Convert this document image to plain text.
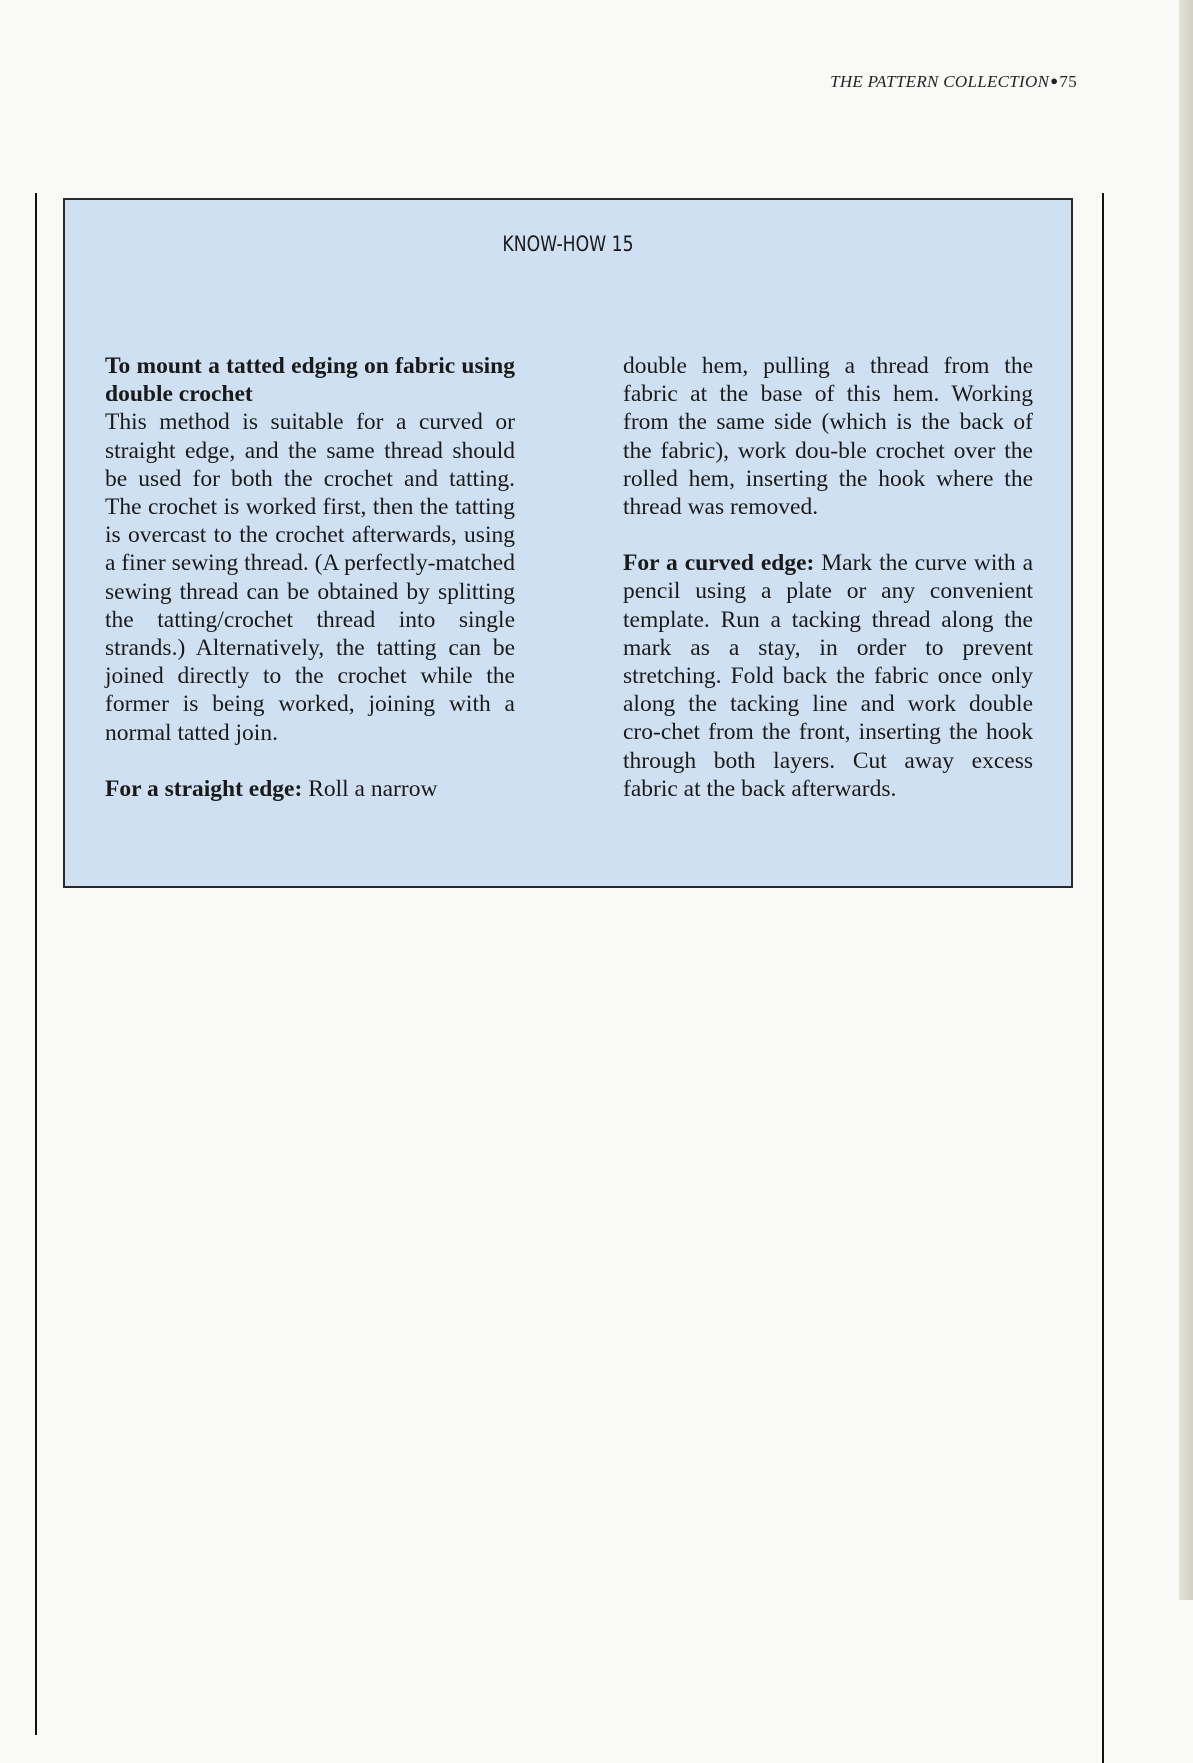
THE PATTERN COLLECTION●75
KNOW-HOW 15

To mount a tatted edging on fabric using double crochet

This method is suitable for a curved or straight edge, and the same thread should be used for both the crochet and tatting. The crochet is worked first, then the tatting is overcast to the crochet afterwards, using a finer sewing thread. (A perfectly-matched sewing thread can be obtained by splitting the tatting/crochet thread into single strands.) Alternatively, the tatting can be joined directly to the crochet while the former is being worked, joining with a normal tatted join.

For a straight edge: Roll a narrow

double hem, pulling a thread from the fabric at the base of this hem. Working from the same side (which is the back of the fabric), work dou-ble crochet over the rolled hem, inserting the hook where the thread was removed.

For a curved edge: Mark the curve with a pencil using a plate or any convenient template. Run a tacking thread along the mark as a stay, in order to prevent stretching. Fold back the fabric once only along the tacking line and work double cro-chet from the front, inserting the hook through both layers. Cut away excess fabric at the back afterwards.
